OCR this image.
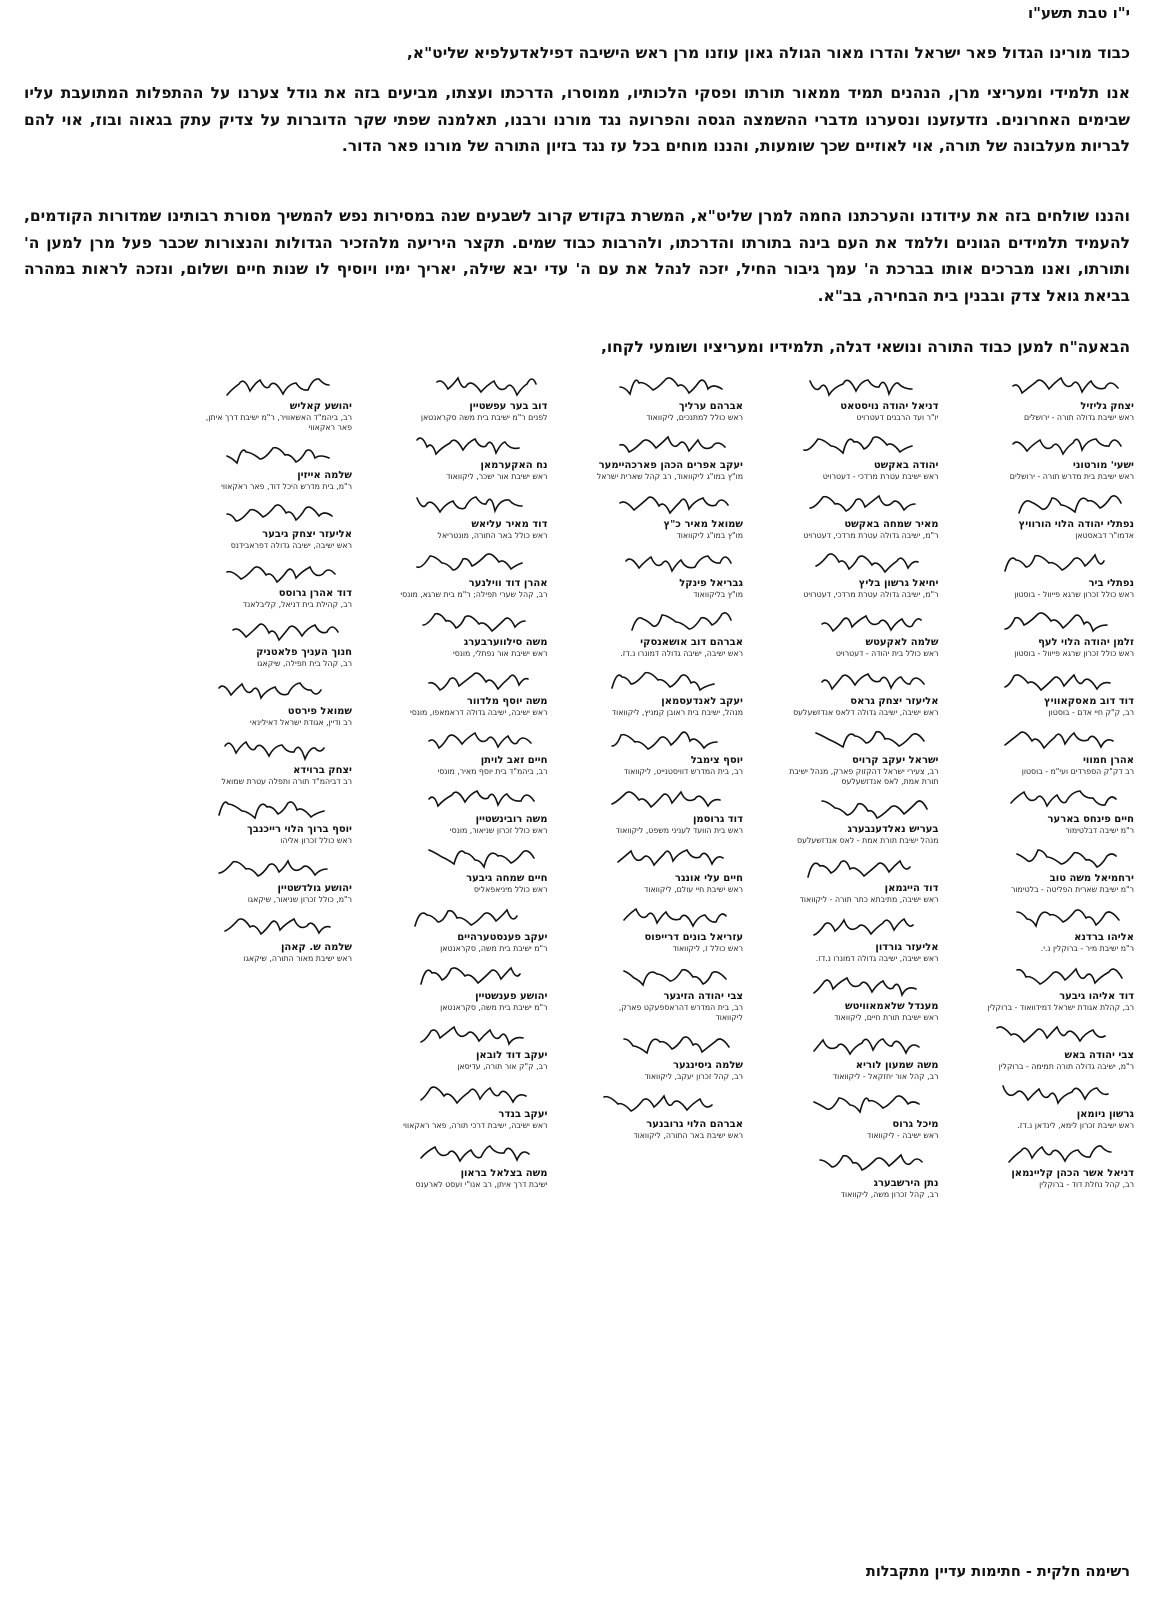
י"ו טבת תשע"ו
כבוד מורינו הגדול פאר ישראל והדרו מאור הגולה גאון עוזנו מרן ראש הישיבה דפילאדעלפיא שליט"א,
אנו תלמידי ומעריצי מרן, הנהנים תמיד ממאור תורתו ופסקי הלכותיו, ממוסרו, הדרכתו ועצתו, מביעים בזה את גודל צערנו על ההתפלות המתועבת עליו שבימים האחרונים. נזדעזענו ונסערנו מדברי ההשמצה הגסה והפרועה נגד מורנו ורבנו, תאלמנה שפתי שקר הדוברות על צדיק עתק בגאוה ובוז, אוי להם לבריות מעלבונה של תורה, אוי לאוזיים שכך שומעות, והננו מוחים בכל עז נגד בזיון התורה של מורנו פאר הדור.
והננו שולחים בזה את עידודנו והערכתנו החמה למרן שליט"א, המשרת בקודש קרוב לשבעים שנה במסירות נפש להמשיך מסורת רבותינו שמדורות הקודמים, להעמיד תלמידים הגונים וללמד את העם בינה בתורתו והדרכתו, ולהרבות כבוד שמים. תקצר היריעה מלהזכיר הגדולות והנצורות שכבר פעל מרן למען ה' ותורתו, ואנו מברכים אותו בברכת ה' עמך גיבור החיל, יזכה לנהל את עם ה' עדי יבא שילה, יאריך ימיו ויוסיף לו שנות חיים ושלום, ונזכה לראות במהרה בביאת גואל צדק ובבנין בית הבחירה, בב"א.
הבאעה"ח למען כבוד התורה ונושאי דגלה, תלמידיו ומעריציו ושומעי לקחו,
יצחק גליזיל
ראש ישיבת גדולה תורה - ירושלים
ישעי' מורטוני
ראש ישיבת בית מדרש תורה - ירושלים
נפתלי יהודה הלוי הורוויץ
אדמו"ר דבאסטאן
נפתלי ביר
ראש כולל זכרון שרגא פייוול - בוסטון
זלמן יהודה הלוי לעף
ראש כולל זכרון שרגא פייוול - בוסטון
דוד דוב מאסקאוויץ
רב, ק"ק חיי אדם - בוסטון
אהרן חמווי
רב דק"ק הספרדים ועי"מ - בוסטון
חיים פינחס בארער
ר"מ ישיבה דבלטימור
ירחמיאל משה טוב
ר"מ ישיבת שארית הפליטה - בלטימור
אליהו ברדנא
ר"מ ישיבת מיר - ברוקלין נ.י.
דוד אליהו גיבער
רב, קהלת אגודת ישראל דמידוואוד - ברוקלין
צבי יהודה באש
ר"מ, ישיבה גדולה תורה תמימה - ברוקלין
גרשון ניומאן
ראש ישיבת זכרון לימא, לינדאן נ.דז.
דניאל אשר הכהן קליינמאן
רב, קהל נחלת דוד - ברוקלין
דניאל יהודה נויסטאט
יו"ר ועד הרבנים דעטרויט
יהודה באקשט
ראש ישיבת עטרת מרדכי - דעטרויט
מאיר שמחה באקשט
ר"מ, ישיבה גדולה עטרת מרדכי, דעטרויט
יחיאל גרשון בליץ
ר"מ, ישיבה גדולה עטרת מרדכי, דעטרויט
שלמה לאקעטש
ראש כולל בית יהודה - דעטרויט
אליעזר יצחק גראס
ראש ישיבה, ישיבה גדולה דלאס אנדזשעלעס
ישראל יעקב קרויס
רב, צעירי ישראל דהקזוק פארק, מנהל ישיבת תורת אמת, לאס אנדזשעלעס
בעריש נאלדענבערג
מנהל ישיבת תורת אמת - לאס אנדזשעלעס
דוד הייגמאן
ראש ישיבה, מתיבתא כתר תורה - ליקוואוד
אליעזר גורדון
ראש ישיבה, ישיבה גדולה דמונרו נ.דז.
מענדל שלאמאוויטש
ראש ישיבת תורת חיים, ליקוואוד
משה שמעון לוריא
רב, קהל אור יחזקאל - ליקוואוד
מיכל גרוס
ראש ישיבה - ליקוואוד
נתן הירשבערג
רב, קהל זכרון משה, ליקוואוד
אברהם ערליך
ראש כולל למתנכים, ליקוואוד
יעקב אפרים הכהן פארכהיימער
מו"ץ במו"ג ליקוואוד, רב קהל שארית ישראל
שמואל מאיר כ"ץ
מו"ץ במו"ג ליקוואוד
גבריאל פינקל
מו"ץ בליקוואוד
אברהם דוב אושאנסקי
ראש ישיבה, ישיבה גדולה דמונרו נ.דז.
יעקב לאנדעסמאן
מנהל, ישיבת בית ראובן קמניץ, ליקוואוד
יוסף צימבל
רב, בית המדרש דוויסטנייט, ליקוואוד
דוד גרוסמן
ראש בית הוועד לעניני משפט, ליקוואוד
חיים עלי אונגר
ראש ישיבת חיי עולם, ליקוואוד
עזריאל בונים דרייפוס
ראש כולל ז, ליקוואוד
צבי יהודה הזיגער
רב, בית המדרש דהראספעקט פארק, ליקוואוד
שלמה גיסינגער
רב, קהל זכרון יעקב, ליקוואוד
אברהם הלוי גרובנער
ראש ישיבת באר התורה, ליקוואוד
דוב בער עפשטיין
לפנים ר"מ ישיבת בית משה סקראנטאן
נח האקערמאן
ראש ישיבת אור ישכר, ליקוואוד
דוד מאיר עליאש
ראש כולל באר התורה, מונטריאל
אהרן דוד ווילנער
רב, קהל שערי תפילה; ר"מ בית שרגא, מונסי
משה סילווערבערג
ראש ישיבת אור נפתלי, מונסי
משה יוסף מלדוור
ראש ישיבה, ישיבה גדולה דראמאפו, מונסי
חיים זאב לויתן
רב, ביהמ"ד בית יוסף מאיר, מונסי
משה רובינשטיין
ראש כולל זכרון שניאור, מונסי
חיים שמחה גיבער
ראש כולל מיניאפאליס
יעקב פענסטערהיים
ר"מ ישיבת בית משה, סקראנטאן
יהושע פענשטיין
ר"מ ישיבת בית משה, סקראנטאן
יעקב דוד לובאן
רב, ק"ק אור תורה, עדיסאן
יעקב בנדר
ראש ישיבה, ישיבת דרכי תורה, פאר ראקאווי
משה בצלאל בראון
ישיבת דרך איתן, רב אנו"י ועסט לארענס
יהושע קאליש
רב, ביהמ"ד האשאוויר, ר"מ ישיבת דרך איתן, פאר ראקאווי
שלמה אייזין
ר"מ, בית מדרש היכל דוד, פאר ראקאווי
אליעזר יצחק גיבער
ראש ישיבה, ישיבה גדולה דפראבידנס
דוד אהרן גרוסס
רב, קהילת בית דניאל, קליבלאנד
חנוך העניך פלאטניק
רב, קהל בית תפילה, שיקאגו
שמואל פירסט
רב ודיין, אגודת ישראל דאילינאי
יצחק ברוידא
רב דביהמ"ד תורה ותפלה עטרת שמואל
יוסף ברוך הלוי רייכנבך
ראש כולל זכרון אליהו
יהושע גולדשטיין
ר"מ, כולל זכרון שניאור, שיקאגו
שלמה ש. קאהן
ראש ישיבת מאור התורה, שיקאגו
רשימה חלקית - חתימות עדיין מתקבלות
